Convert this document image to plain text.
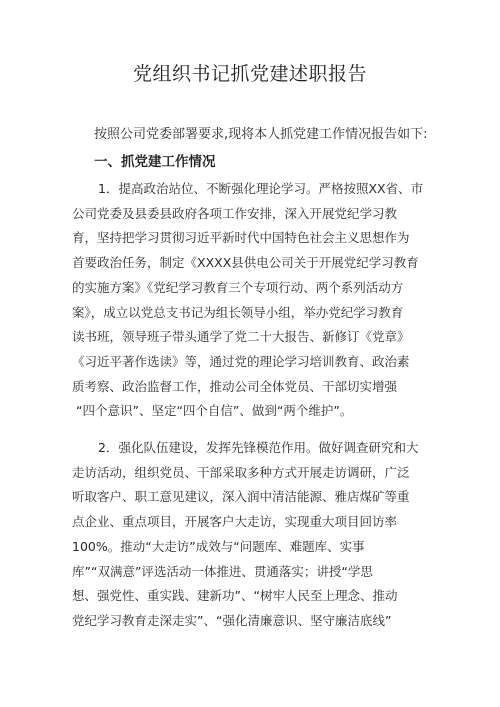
党组织书记抓党建述职报告

按照公司党委部署要求,现将本人抓党建工作情况报告如下:

一、抓党建工作情况
1．提高政治站位、不断强化理论学习。严格按照XX省、市
公司党委及县委县政府各项工作安排，深入开展党纪学习教
育，坚持把学习贯彻习近平新时代中国特色社会主义思想作为
首要政治任务，制定《XXXX县供电公司关于开展党纪学习教育
的实施方案》《党纪学习教育三个专项行动、两个系列活动方
案》，成立以党总支书记为组长领导小组，举办党纪学习教育
读书班，领导班子带头通学了党二十大报告、新修订《党章》
《习近平著作选读》等，通过党的理论学习培训教育、政治素
质考察、政治监督工作，推动公司全体党员、干部切实增强
“四个意识”、坚定“四个自信”、做到“两个维护”。
2．强化队伍建设，发挥先锋模范作用。做好调查研究和大
走访活动，组织党员、干部采取多种方式开展走访调研，广泛
听取客户、职工意见建议，深入润中清洁能源、雅店煤矿等重
点企业、重点项目，开展客户大走访，实现重大项目回访率
100%。推动“大走访”成效与“问题库、难题库、实事
库”“双满意”评选活动一体推进、贯通落实；讲授“学思
想、强党性、重实践、建新功”、“树牢人民至上理念、推动
党纪学习教育走深走实”、“强化清廉意识、坚守廉洁底线”
